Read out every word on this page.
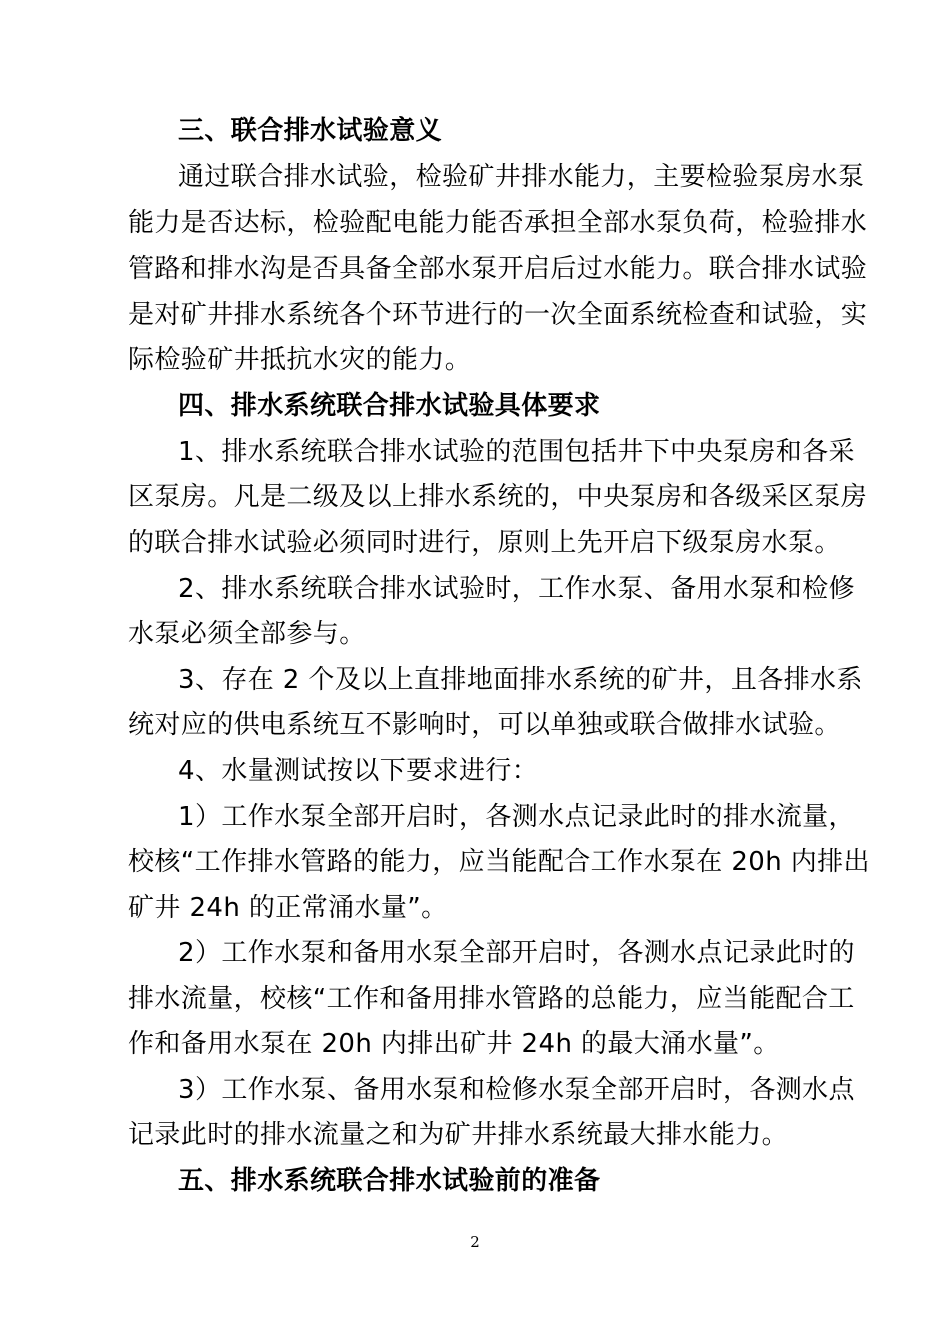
三、联合排水试验意义
通过联合排水试验，检验矿井排水能力，主要检验泵房水泵
能力是否达标，检验配电能力能否承担全部水泵负荷，检验排水
管路和排水沟是否具备全部水泵开启后过水能力。联合排水试验
是对矿井排水系统各个环节进行的一次全面系统检查和试验，实
际检验矿井抵抗水灾的能力。
四、排水系统联合排水试验具体要求
1、排水系统联合排水试验的范围包括井下中央泵房和各采
区泵房。凡是二级及以上排水系统的，中央泵房和各级采区泵房
的联合排水试验必须同时进行，原则上先开启下级泵房水泵。
2、排水系统联合排水试验时，工作水泵、备用水泵和检修
水泵必须全部参与。
3、存在 2 个及以上直排地面排水系统的矿井，且各排水系
统对应的供电系统互不影响时，可以单独或联合做排水试验。
4、水量测试按以下要求进行：
1）工作水泵全部开启时，各测水点记录此时的排水流量，
校核“工作排水管路的能力，应当能配合工作水泵在 20h 内排出
矿井 24h 的正常涌水量”。
2）工作水泵和备用水泵全部开启时，各测水点记录此时的
排水流量，校核“工作和备用排水管路的总能力，应当能配合工
作和备用水泵在 20h 内排出矿井 24h 的最大涌水量”。
3）工作水泵、备用水泵和检修水泵全部开启时，各测水点
记录此时的排水流量之和为矿井排水系统最大排水能力。
五、排水系统联合排水试验前的准备
2
